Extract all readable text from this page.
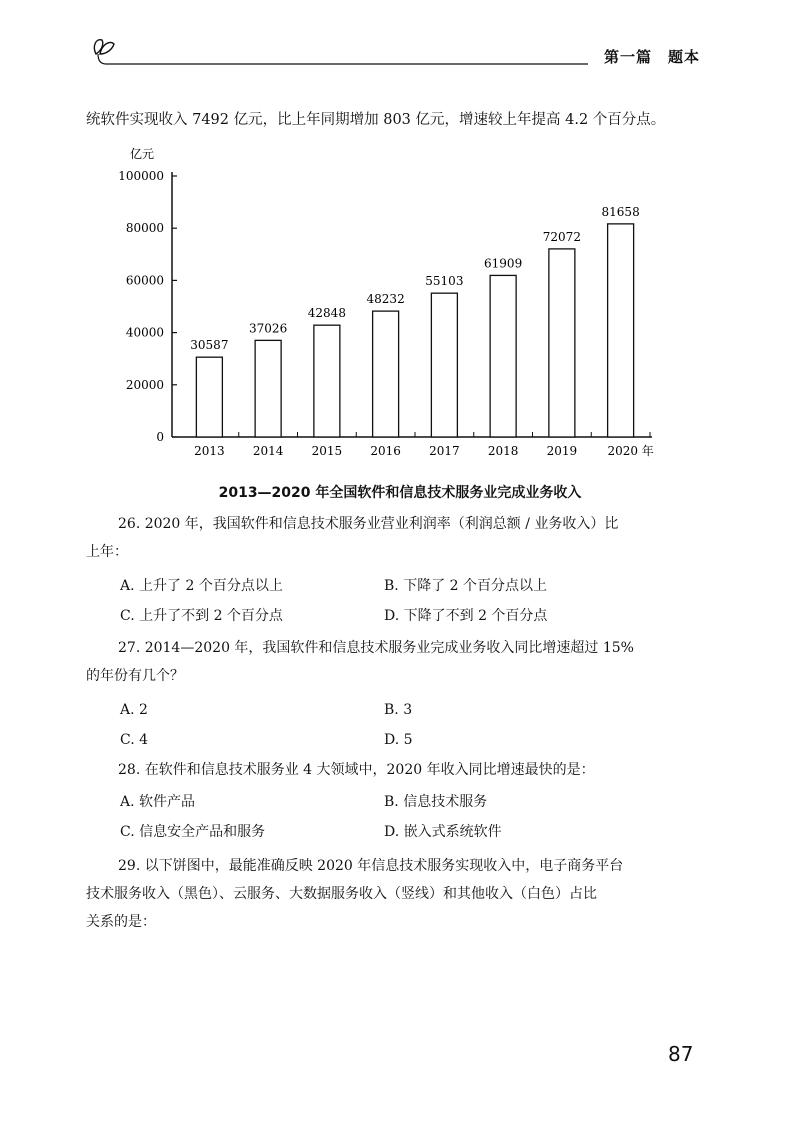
第一篇　题本
统软件实现收入 7492 亿元，比上年同期增加 803 亿元，增速较上年提高 4.2 个百分点。
亿元
0
20000
40000
60000
80000
100000
30587
2013
37026
2014
42848
2015
48232
2016
55103
2017
61909
2018
72072
2019
81658
2020 年
2013—2020 年全国软件和信息技术服务业完成业务收入
26. 2020 年，我国软件和信息技术服务业营业利润率（利润总额 / 业务收入）比
上年：
A. 上升了 2 个百分点以上	B. 下降了 2 个百分点以上
C. 上升了不到 2 个百分点	D. 下降了不到 2 个百分点
27. 2014—2020 年，我国软件和信息技术服务业完成业务收入同比增速超过 15%
的年份有几个？
A. 2	B. 3
C. 4	D. 5
28. 在软件和信息技术服务业 4 大领域中，2020 年收入同比增速最快的是：
A. 软件产品	B. 信息技术服务
C. 信息安全产品和服务	D. 嵌入式系统软件
29. 以下饼图中，最能准确反映 2020 年信息技术服务实现收入中，电子商务平台
技术服务收入（黑色）、云服务、大数据服务收入（竖线）和其他收入（白色）占比
关系的是：
87
